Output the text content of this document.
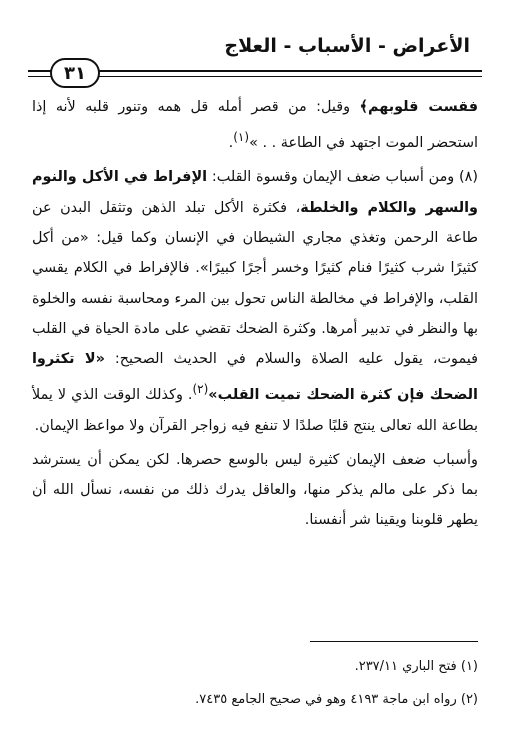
الأعراض - الأسباب - العلاج
٣١

فقست قلوبهم﴾ وقيل: من قصر أمله قل همه وتنور قلبه لأنه إذا استحضر الموت اجتهد في الطاعة . . »$^{(١)}$.

(٨) ومن أسباب ضعف الإيمان وقسوة القلب: الإفراط في الأكل والنوم والسهر والكلام والخلطة، فكثرة الأكل تبلد الذهن وتثقل البدن عن طاعة الرحمن وتغذي مجاري الشيطان في الإنسان وكما قيل: «من أكل كثيرًا شرب كثيرًا فنام كثيرًا وخسر أجرًا كبيرًا». فالإفراط في الكلام يقسي القلب، والإفراط في مخالطة الناس تحول بين المرء ومحاسبة نفسه والخلوة بها والنظر في تدبير أمرها. وكثرة الضحك تقضي على مادة الحياة في القلب فيموت، يقول عليه الصلاة والسلام في الحديث الصحيح: «لا تكثروا الضحك فإن كثرة الضحك تميت القلب»$^{(٢)}$. وكذلك الوقت الذي لا يملأ بطاعة الله تعالى ينتج قلبًا صلدًا لا تنفع فيه زواجر القرآن ولا مواعظ الإيمان.

وأسباب ضعف الإيمان كثيرة ليس بالوسع حصرها. لكن يمكن أن يسترشد بما ذكر على مالم يذكر منها، والعاقل يدرك ذلك من نفسه، نسأل الله أن يطهر قلوبنا ويقينا شر أنفسنا.

(١) فتح الباري ٢٣٧/١١.
(٢) رواه ابن ماجة ٤١٩٣ وهو في صحيح الجامع ٧٤٣٥.
